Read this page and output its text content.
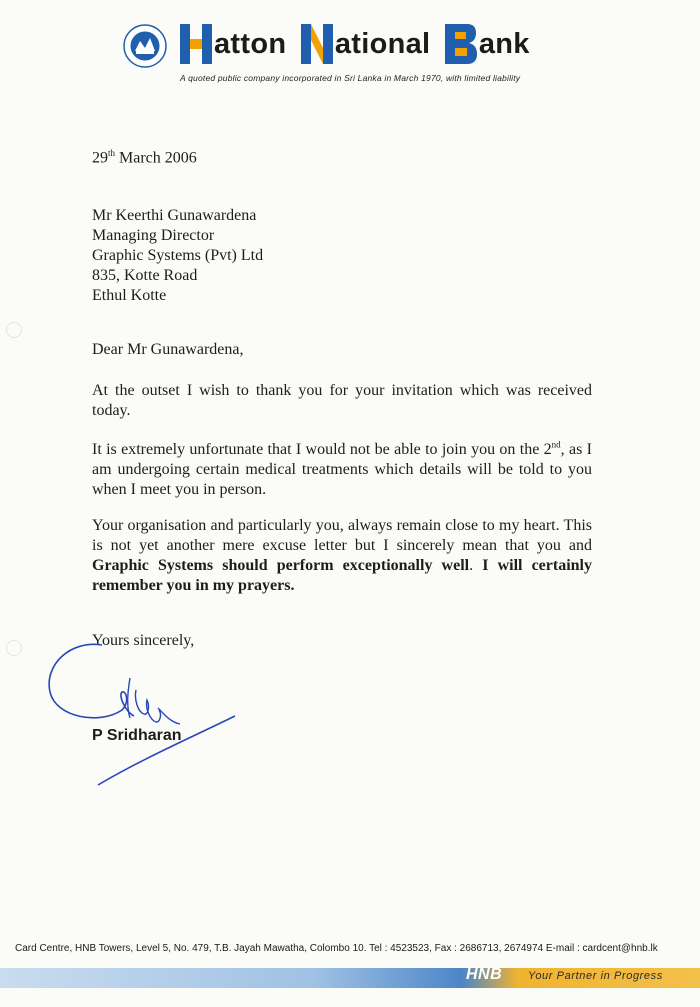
atton ational ank
A quoted public company incorporated in Sri Lanka in March 1970, with limited liability
29th March 2006
Mr Keerthi Gunawardena
Managing Director
Graphic Systems (Pvt) Ltd
835, Kotte Road
Ethul Kotte
Dear Mr Gunawardena,
At the outset I wish to thank you for your invitation which was received today.
It is extremely unfortunate that I would not be able to join you on the 2nd, as I am undergoing certain medical treatments which details will be told to you when I meet you in person.
Your organisation and particularly you, always remain close to my heart. This is not yet another mere excuse letter but I sincerely mean that you and Graphic Systems should perform exceptionally well. I will certainly remember you in my prayers.
Yours sincerely,
P Sridharan
Card Centre, HNB Towers, Level 5, No. 479, T.B. Jayah Mawatha, Colombo 10. Tel : 4523523, Fax : 2686713, 2674974 E-mail : cardcent@hnb.lk
HNB Your Partner in Progress
